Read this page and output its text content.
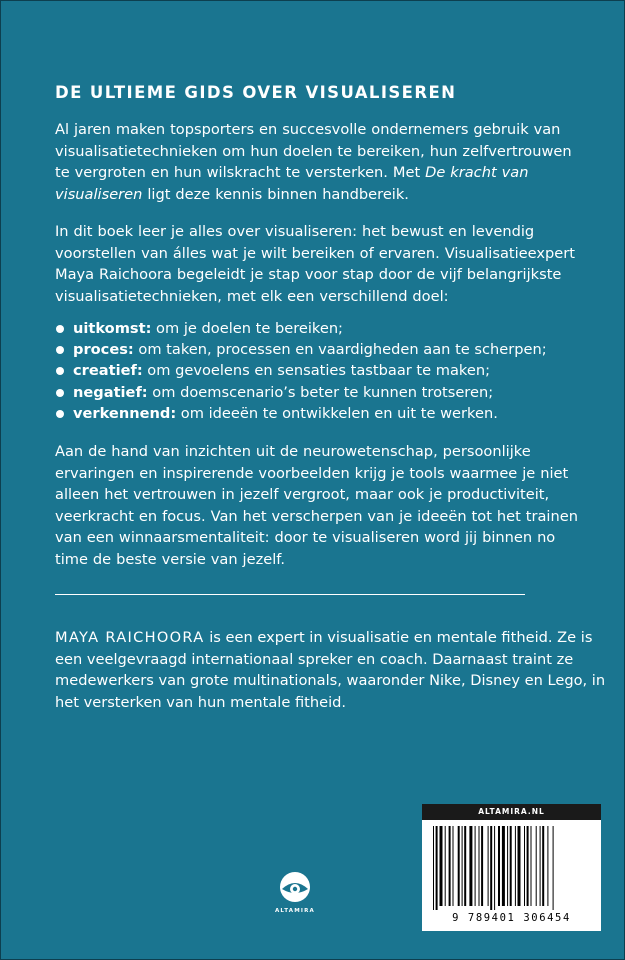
DE ULTIEME GIDS OVER VISUALISEREN

Al jaren maken topsporters en succesvolle ondernemers gebruik van visualisatietechnieken om hun doelen te bereiken, hun zelfvertrouwen te vergroten en hun wilskracht te versterken. Met De kracht van visualiseren ligt deze kennis binnen handbereik.

In dit boek leer je alles over visualiseren: het bewust en levendig voorstellen van álles wat je wilt bereiken of ervaren. Visualisatieexpert Maya Raichoora begeleidt je stap voor stap door de vijf belangrijkste visualisatietechnieken, met elk een verschillend doel:

uitkomst: om je doelen te bereiken;
proces: om taken, processen en vaardigheden aan te scherpen;
creatief: om gevoelens en sensaties tastbaar te maken;
negatief: om doemscenario’s beter te kunnen trotseren;
verkennend: om ideeën te ontwikkelen en uit te werken.

Aan de hand van inzichten uit de neurowetenschap, persoonlijke ervaringen en inspirerende voorbeelden krijg je tools waarmee je niet alleen het vertrouwen in jezelf vergroot, maar ook je productiviteit, veerkracht en focus. Van het verscherpen van je ideeën tot het trainen van een winnaarsmentaliteit: door te visualiseren word jij binnen no time de beste versie van jezelf.

MAYA RAICHOORA is een expert in visualisatie en mentale fitheid. Ze is een veelgevraagd internationaal spreker en coach. Daarnaast traint ze medewerkers van grote multinationals, waaronder Nike, Disney en Lego, in het versterken van hun mentale fitheid.

ALTAMIRA
ALTAMIRA.NL
9 789401 306454
